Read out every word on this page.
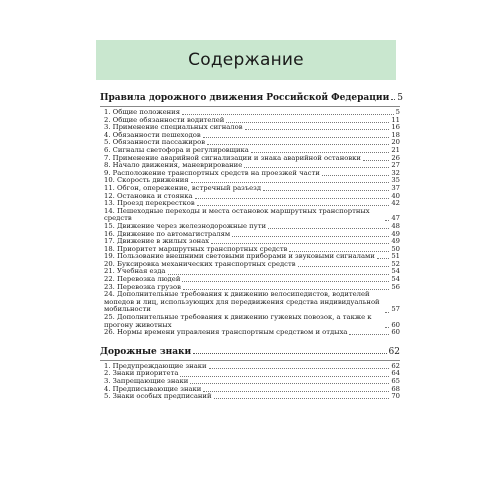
Содержание
Правила дорожного движения Российской Федерации 5
1. Общие положения	5
2. Общие обязанности водителей	11
3. Применение специальных сигналов	16
4. Обязанности пешеходов	18
5. Обязанности пассажиров	20
6. Сигналы светофора и регулировщика	21
7. Применение аварийной сигнализации и знака аварийной остановки	26
8. Начало движения, маневрирование	27
9. Расположение транспортных средств на проезжей части	32
10. Скорость движения	35
11. Обгон, опережение, встречный разъезд	37
12. Остановка и стоянка	40
13. Проезд перекрестков	42
14. Пешеходные переходы и места остановок маршрутных транспортных средств	47
15. Движение через железнодорожные пути	48
16. Движение по автомагистралям	49
17. Движение в жилых зонах	49
18. Приоритет маршрутных транспортных средств	50
19. Пользование внешними световыми приборами и звуковыми сигналами 51
20. Буксировка механических транспортных средств	52
21. Учебная езда	54
22. Перевозка людей	54
23. Перевозка грузов	56
24. Дополнительные требования к движению велосипедистов, водителей мопедов и лиц, использующих для передвижения средства индивидуальной мобильности	57
25. Дополнительные требования к движению гужевых повозок, а также к прогону животных	60
26. Нормы времени управления транспортным средством и отдыха	60
Дорожные знаки	62
1. Предупреждающие знаки	62
2. Знаки приоритета	64
3. Запрещающие знаки	65
4. Предписывающие знаки	68
5. Знаки особых предписаний	70
